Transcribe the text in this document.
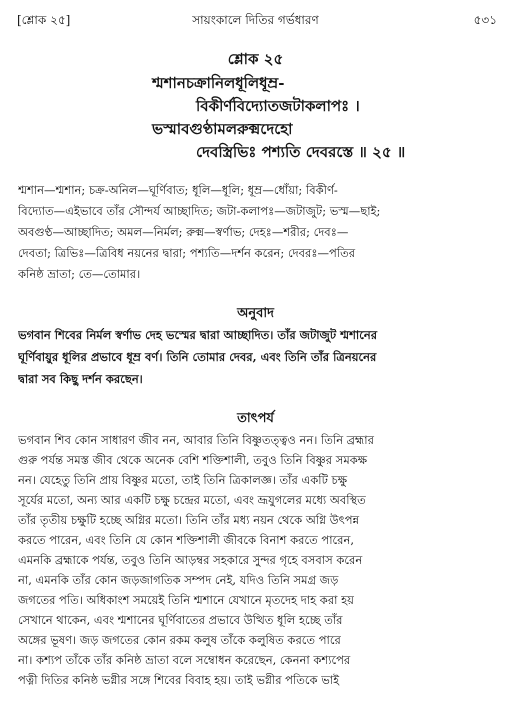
[শ্লোক ২৫]	সায়ংকালে দিতির গর্ভধারণ	৫৩১
শ্লোক ২৫
শ্মশানচক্রানিলধূলিধূম্র-
বিকীর্ণবিদ্যোতজটাকলাপঃ ।
ভস্মাবগুণ্ঠামলরুক্মদেহো
দেবস্ত্রিভিঃ পশ্যতি দেবরস্তে ॥ ২৫ ॥
শ্মশান—শ্মশান; চক্র-অনিল—ঘূর্ণিবাত; ধূলি—ধূলি; ধূম্র—ধোঁয়া; বিকীর্ণ-
বিদ্যোত—এইভাবে তাঁর সৌন্দর্য আচ্ছাদিত; জটা-কলাপঃ—জটাজুট; ভস্ম—ছাই;
অবগুণ্ঠ—আচ্ছাদিত; অমল—নির্মল; রুক্ম—স্বর্ণাভ; দেহঃ—শরীর; দেবঃ—
দেবতা; ত্রিভিঃ—ত্রিবিধ নয়নের দ্বারা; পশ্যতি—দর্শন করেন; দেবরঃ—পতির
কনিষ্ঠ ভ্রাতা; তে—তোমার।
অনুবাদ
ভগবান শিবের নির্মল স্বর্ণাভ দেহ ভস্মের দ্বারা আচ্ছাদিত। তাঁর জটাজুট শ্মশানের
ঘূর্ণিবায়ুর ধূলির প্রভাবে ধূম্র বর্ণ। তিনি তোমার দেবর, এবং তিনি তাঁর ত্রিনয়নের
দ্বারা সব কিছু দর্শন করছেন।
তাৎপর্য
ভগবান শিব কোন সাধারণ জীব নন, আবার তিনি বিষ্ণুতত্ত্বও নন। তিনি ব্রহ্মার
গুরু পর্যন্ত সমস্ত জীব থেকে অনেক বেশি শক্তিশালী, তবুও তিনি বিষ্ণুর সমকক্ষ
নন। যেহেতু তিনি প্রায় বিষ্ণুর মতো, তাই তিনি ত্রিকালজ্ঞ। তাঁর একটি চক্ষু
সূর্যের মতো, অন্য আর একটি চক্ষু চন্দ্রের মতো, এবং ভ্রূযুগলের মধ্যে অবস্থিত
তাঁর তৃতীয় চক্ষুটি হচ্ছে অগ্নির মতো। তিনি তাঁর মধ্য নয়ন থেকে অগ্নি উৎপন্ন
করতে পারেন, এবং তিনি যে কোন শক্তিশালী জীবকে বিনাশ করতে পারেন,
এমনকি ব্রহ্মাকে পর্যন্ত, তবুও তিনি আড়ম্বর সহকারে সুন্দর গৃহে বসবাস করেন
না, এমনকি তাঁর কোন জড়জাগতিক সম্পদ নেই, যদিও তিনি সমগ্র জড়
জগতের পতি। অধিকাংশ সময়েই তিনি শ্মশানে যেখানে মৃতদেহ দাহ করা হয়
সেখানে থাকেন, এবং শ্মশানের ঘূর্ণিবাতের প্রভাবে উত্থিত ধূলি হচ্ছে তাঁর
অঙ্গের ভূষণ। জড় জগতের কোন রকম কলুষ তাঁকে কলুষিত করতে পারে
না। কশ্যপ তাঁকে তাঁর কনিষ্ঠ ভ্রাতা বলে সম্বোধন করেছেন, কেননা কশ্যপের
পত্নী দিতির কনিষ্ঠ ভগ্নীর সঙ্গে শিবের বিবাহ হয়। তাই ভগ্নীর পতিকে ভাই
